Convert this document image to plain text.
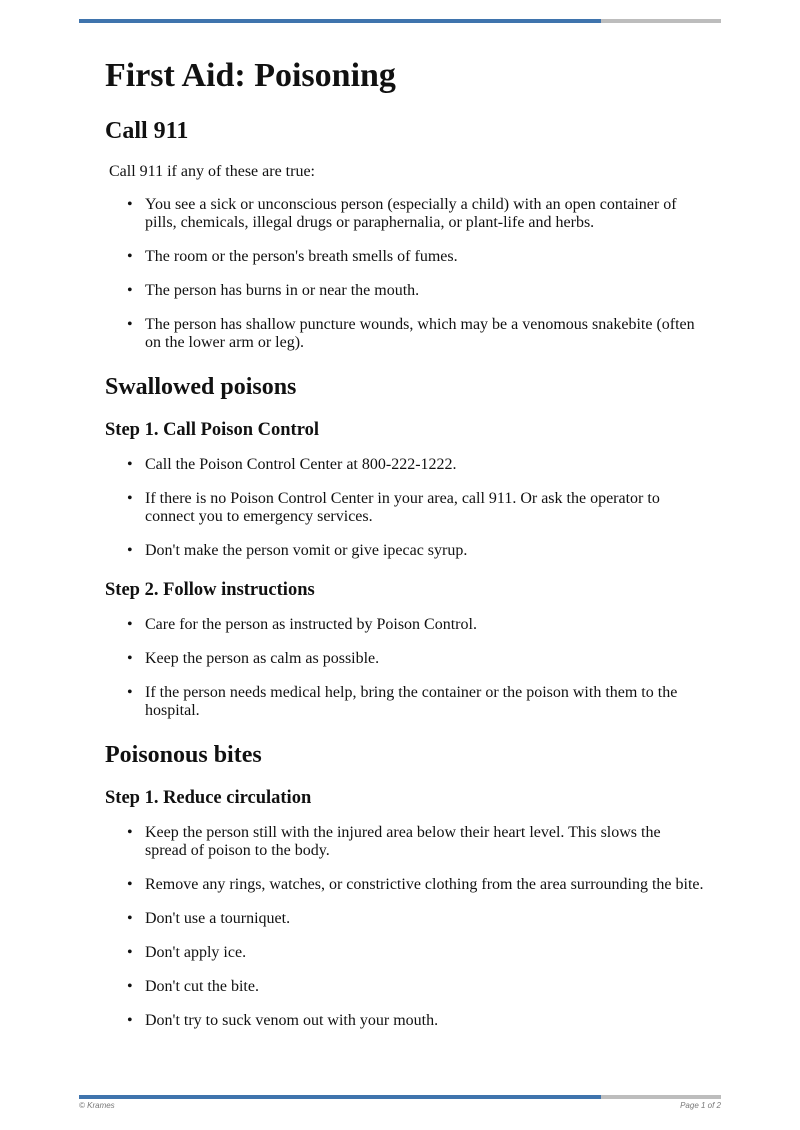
First Aid: Poisoning
Call 911

Call 911 if any of these are true:

• You see a sick or unconscious person (especially a child) with an open container of pills, chemicals, illegal drugs or paraphernalia, or plant-life and herbs.
• The room or the person's breath smells of fumes.
• The person has burns in or near the mouth.
• The person has shallow puncture wounds, which may be a venomous snakebite (often on the lower arm or leg).
Swallowed poisons
Step 1. Call Poison Control
• Call the Poison Control Center at 800-222-1222.
• If there is no Poison Control Center in your area, call 911. Or ask the operator to connect you to emergency services.
• Don't make the person vomit or give ipecac syrup.
Step 2. Follow instructions
• Care for the person as instructed by Poison Control.
• Keep the person as calm as possible.
• If the person needs medical help, bring the container or the poison with them to the hospital.
Poisonous bites
Step 1. Reduce circulation
• Keep the person still with the injured area below their heart level. This slows the spread of poison to the body.
• Remove any rings, watches, or constrictive clothing from the area surrounding the bite.
• Don't use a tourniquet.
• Don't apply ice.
• Don't cut the bite.
• Don't try to suck venom out with your mouth.
© Krames	Page 1 of 2
